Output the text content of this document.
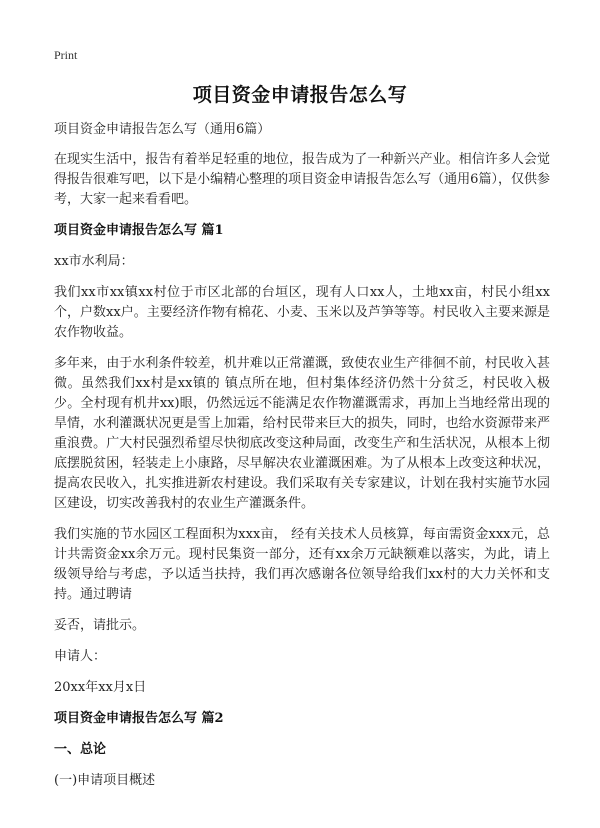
Print
项目资金申请报告怎么写

项目资金申请报告怎么写（通用6篇）

在现实生活中，报告有着举足轻重的地位，报告成为了一种新兴产业。相信许多人会觉得报告很难写吧，以下是小编精心整理的项目资金申请报告怎么写（通用6篇），仅供参考，大家一起来看看吧。

项目资金申请报告怎么写 篇1

xx市水利局：

我们xx市xx镇xx村位于市区北部的台垣区，现有人口xx人，土地xx亩，村民小组xx个，户数xx户。主要经济作物有棉花、小麦、玉米以及芦笋等等。村民收入主要来源是农作物收益。

多年来，由于水利条件较差，机井难以正常灌溉，致使农业生产徘徊不前，村民收入甚微。虽然我们xx村是xx镇的 镇点所在地，但村集体经济仍然十分贫乏，村民收入极少。全村现有机井xx)眼，仍然远远不能满足农作物灌溉需求，再加上当地经常出现的旱情，水利灌溉状况更是雪上加霜，给村民带来巨大的损失，同时，也给水资源带来严重浪费。广大村民强烈希望尽快彻底改变这种局面，改变生产和生活状况，从根本上彻底摆脱贫困，轻装走上小康路，尽早解决农业灌溉困难。为了从根本上改变这种状况，提高农民收入，扎实推进新农村建设。我们采取有关专家建议，计划在我村实施节水园区建设，切实改善我村的农业生产灌溉条件。

我们实施的节水园区工程面积为xxx亩， 经有关技术人员核算，每亩需资金xxx元，总计共需资金xx余万元。现村民集资一部分，还有xx余万元缺额难以落实，为此，请上级领导给与考虑，予以适当扶持，我们再次感谢各位领导给我们xx村的大力关怀和支持。通过聘请

妥否，请批示。

申请人：

20xx年xx月x日

项目资金申请报告怎么写 篇2

一、总论

(一)申请项目概述
